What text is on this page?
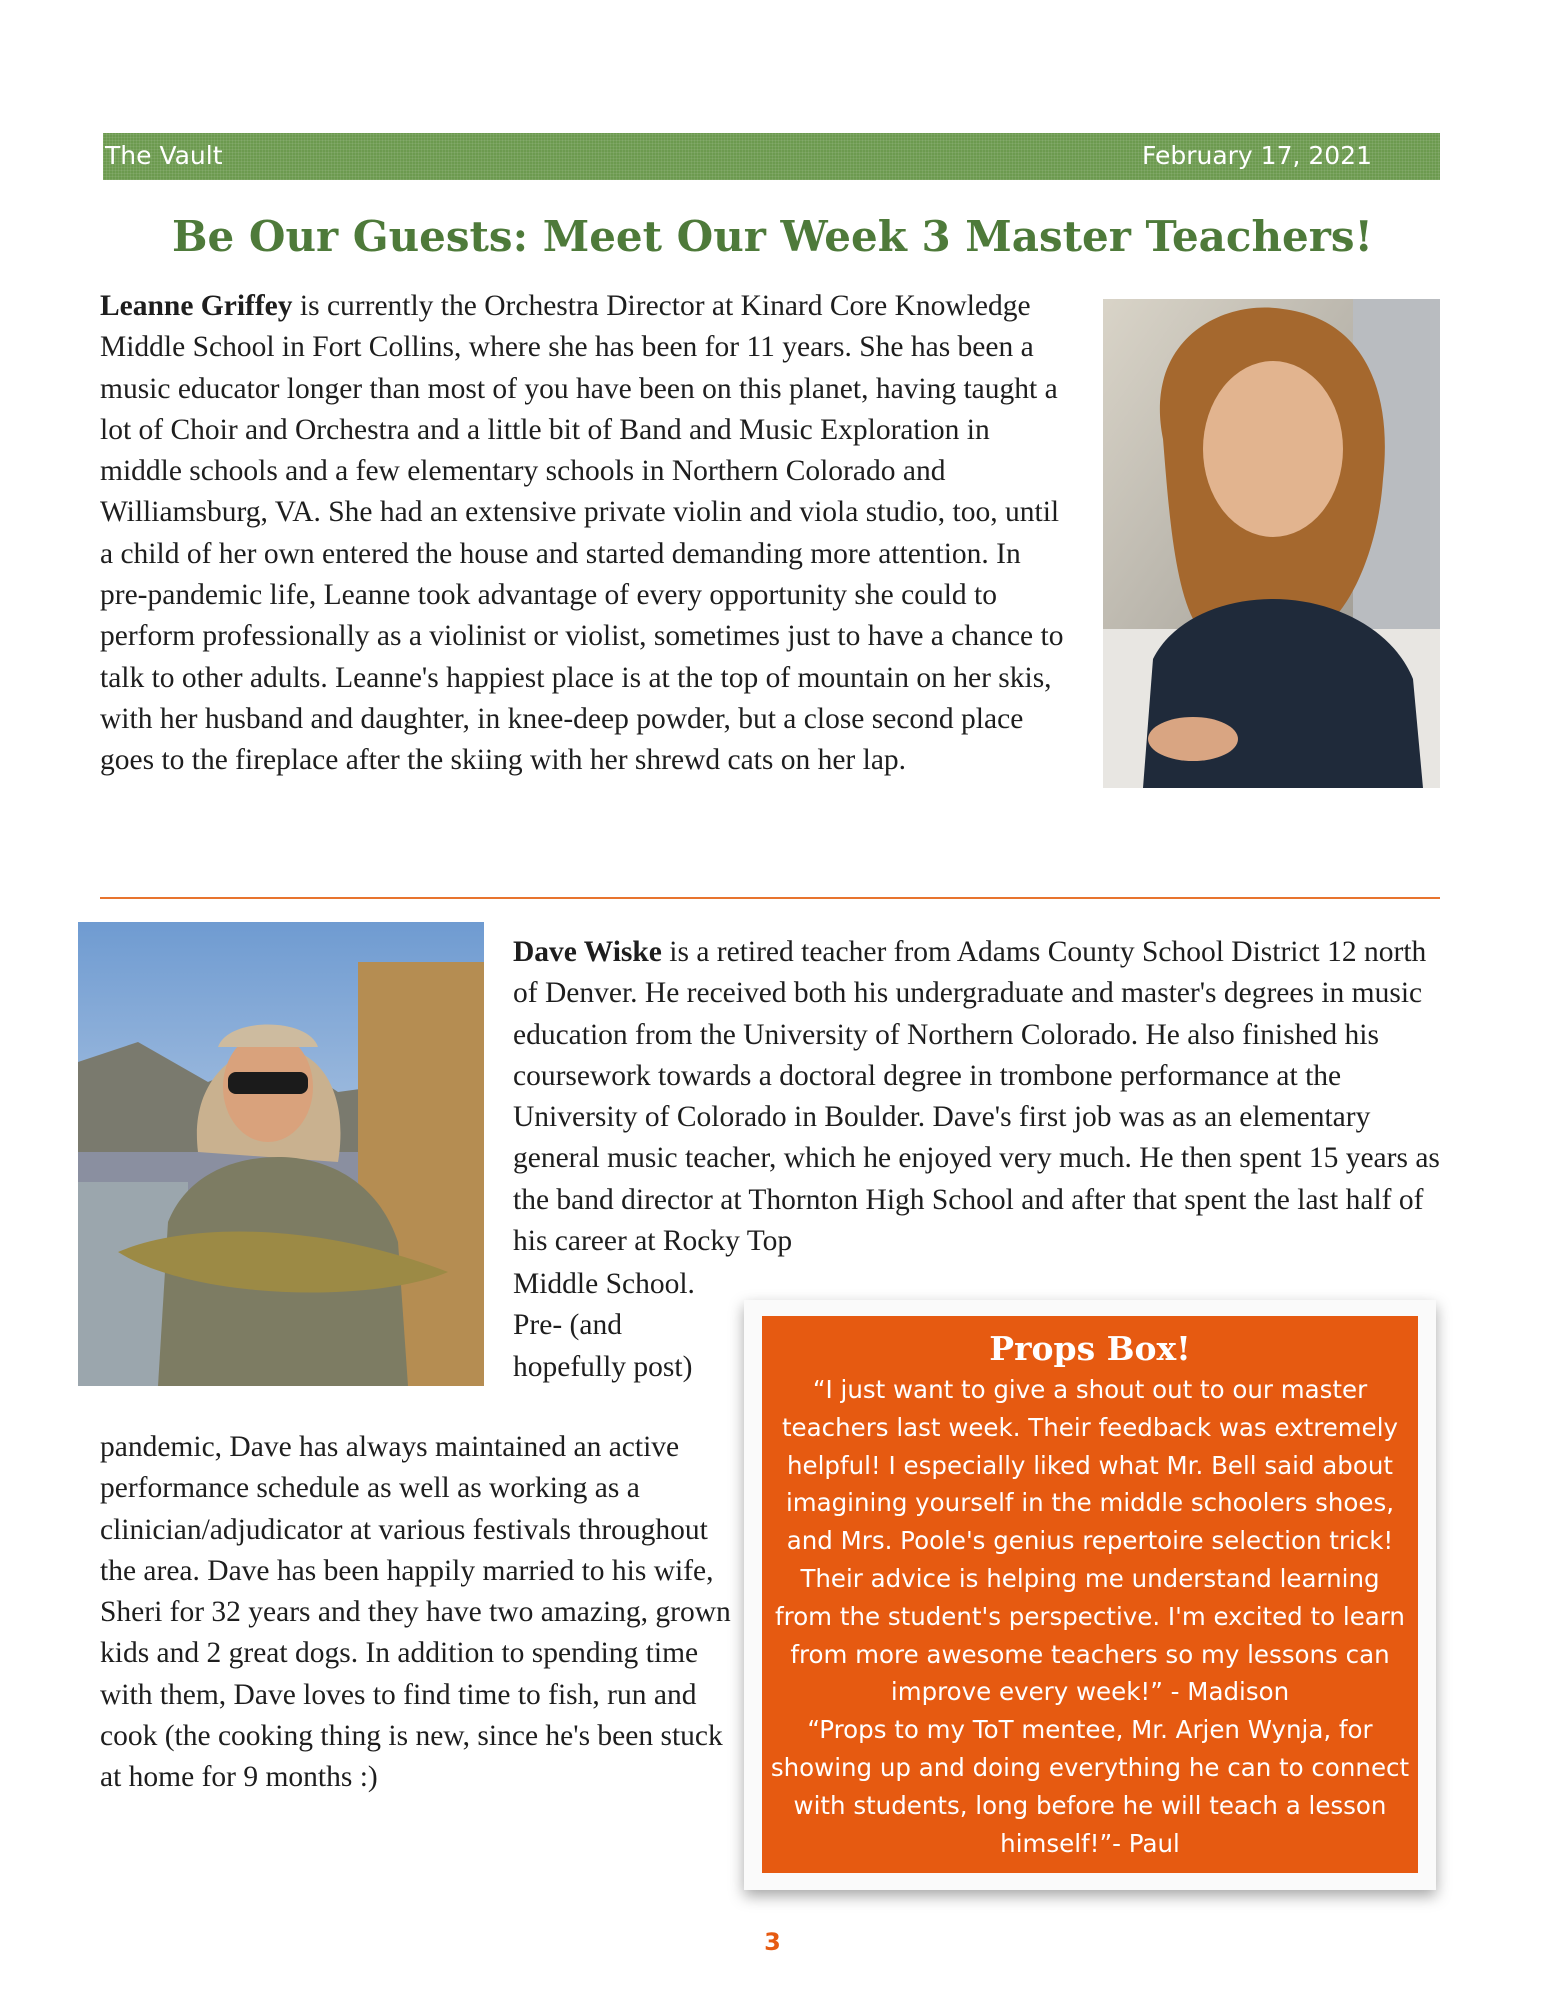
The Vault	February 17, 2021
Be Our Guests: Meet Our Week 3 Master Teachers!

Leanne Griffey is currently the Orchestra Director at Kinard Core Knowledge Middle School in Fort Collins, where she has been for 11 years. She has been a music educator longer than most of you have been on this planet, having taught a lot of Choir and Orchestra and a little bit of Band and Music Exploration in middle schools and a few elementary schools in Northern Colorado and Williamsburg, VA. She had an extensive private violin and viola studio, too, until a child of her own entered the house and started demanding more attention. In pre-pandemic life, Leanne took advantage of every opportunity she could to perform professionally as a violinist or violist, sometimes just to have a chance to talk to other adults. Leanne's happiest place is at the top of mountain on her skis, with her husband and daughter, in knee-deep powder, but a close second place goes to the fireplace after the skiing with her shrewd cats on her lap.

Dave Wiske is a retired teacher from Adams County School District 12 north of Denver. He received both his undergraduate and master's degrees in music education from the University of Northern Colorado. He also finished his coursework towards a doctoral degree in trombone performance at the University of Colorado in Boulder. Dave's first job was as an elementary general music teacher, which he enjoyed very much. He then spent 15 years as the band director at Thornton High School and after that spent the last half of his career at Rocky Top

Middle School. Pre- (and hopefully post)

pandemic, Dave has always maintained an active performance schedule as well as working as a clinician/adjudicator at various festivals throughout the area. Dave has been happily married to his wife, Sheri for 32 years and they have two amazing, grown kids and 2 great dogs. In addition to spending time with them, Dave loves to find time to fish, run and cook (the cooking thing is new, since he's been stuck at home for 9 months :)

Props Box!

“I just want to give a shout out to our master teachers last week. Their feedback was extremely helpful! I especially liked what Mr. Bell said about imagining yourself in the middle schoolers shoes, and Mrs. Poole's genius repertoire selection trick! Their advice is helping me understand learning from the student's perspective. I'm excited to learn from more awesome teachers so my lessons can improve every week!” - Madison

“Props to my ToT mentee, Mr. Arjen Wynja, for showing up and doing everything he can to connect with students, long before he will teach a lesson himself!”- Paul

3
